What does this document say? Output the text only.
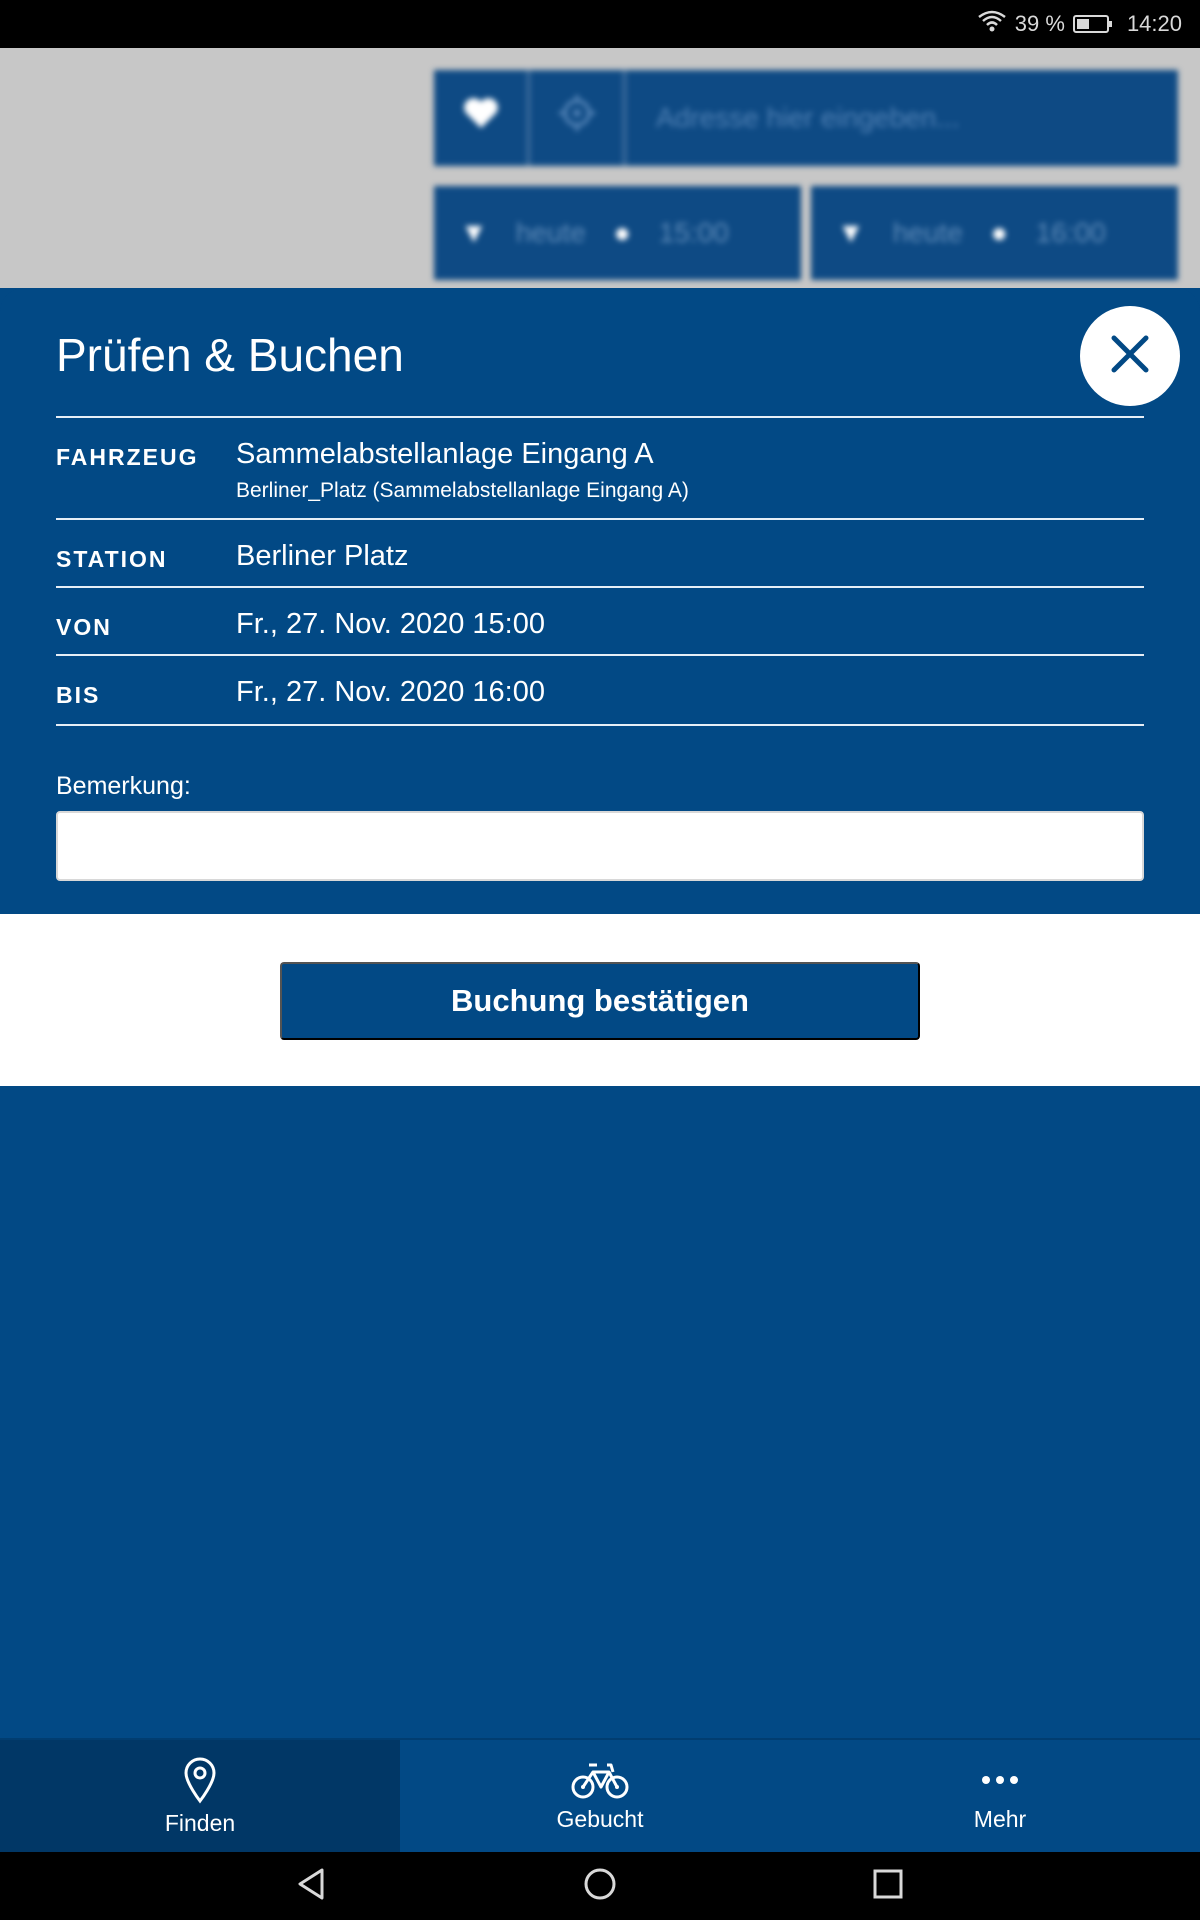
39 %	14:20
Adresse hier eingeben...
▼ heute ● 15:00	▼ heute ● 16:00
Prüfen & Buchen
FAHRZEUG	Sammelabstellanlage Eingang A
Berliner_Platz (Sammelabstellanlage Eingang A)
STATION	Berliner Platz
VON	Fr., 27. Nov. 2020 15:00
BIS	Fr., 27. Nov. 2020 16:00
Bemerkung:
Buchung bestätigen
Finden	Gebucht	Mehr
